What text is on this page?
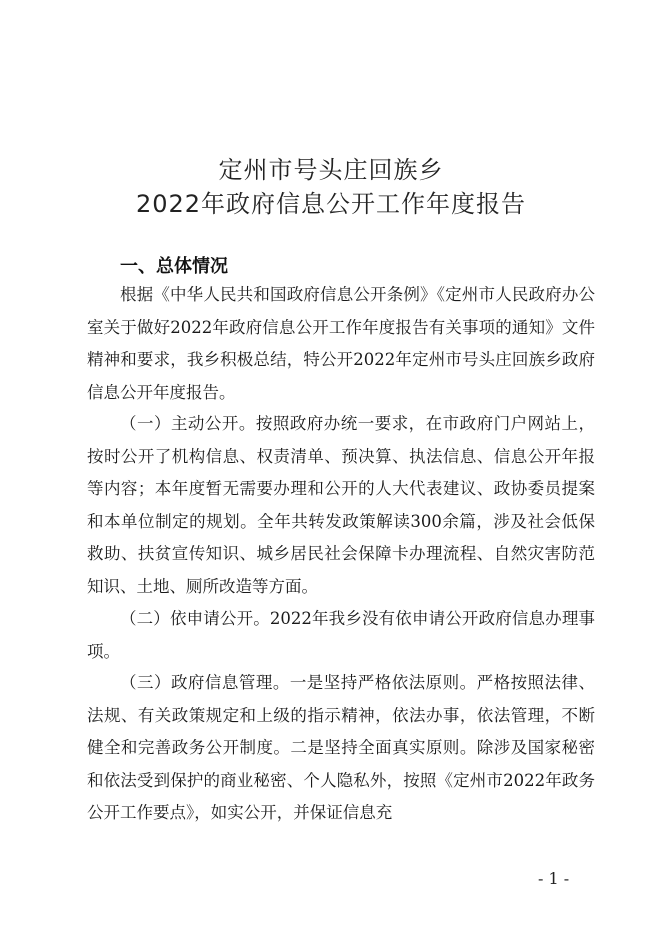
定州市号头庄回族乡
2022年政府信息公开工作年度报告
一、总体情况

根据《中华人民共和国政府信息公开条例》《定州市人民政府办公室关于做好2022年政府信息公开工作年度报告有关事项的通知》文件精神和要求，我乡积极总结，特公开2022年定州市号头庄回族乡政府信息公开年度报告。

（一）主动公开。按照政府办统一要求，在市政府门户网站上，按时公开了机构信息、权责清单、预决算、执法信息、信息公开年报等内容；本年度暂无需要办理和公开的人大代表建议、政协委员提案和本单位制定的规划。全年共转发政策解读300余篇，涉及社会低保救助、扶贫宣传知识、城乡居民社会保障卡办理流程、自然灾害防范知识、土地、厕所改造等方面。

（二）依申请公开。2022年我乡没有依申请公开政府信息办理事项。

（三）政府信息管理。一是坚持严格依法原则。严格按照法律、法规、有关政策规定和上级的指示精神，依法办事，依法管理，不断健全和完善政务公开制度。二是坚持全面真实原则。除涉及国家秘密和依法受到保护的商业秘密、个人隐私外，按照《定州市2022年政务公开工作要点》，如实公开，并保证信息充

- 1 -
